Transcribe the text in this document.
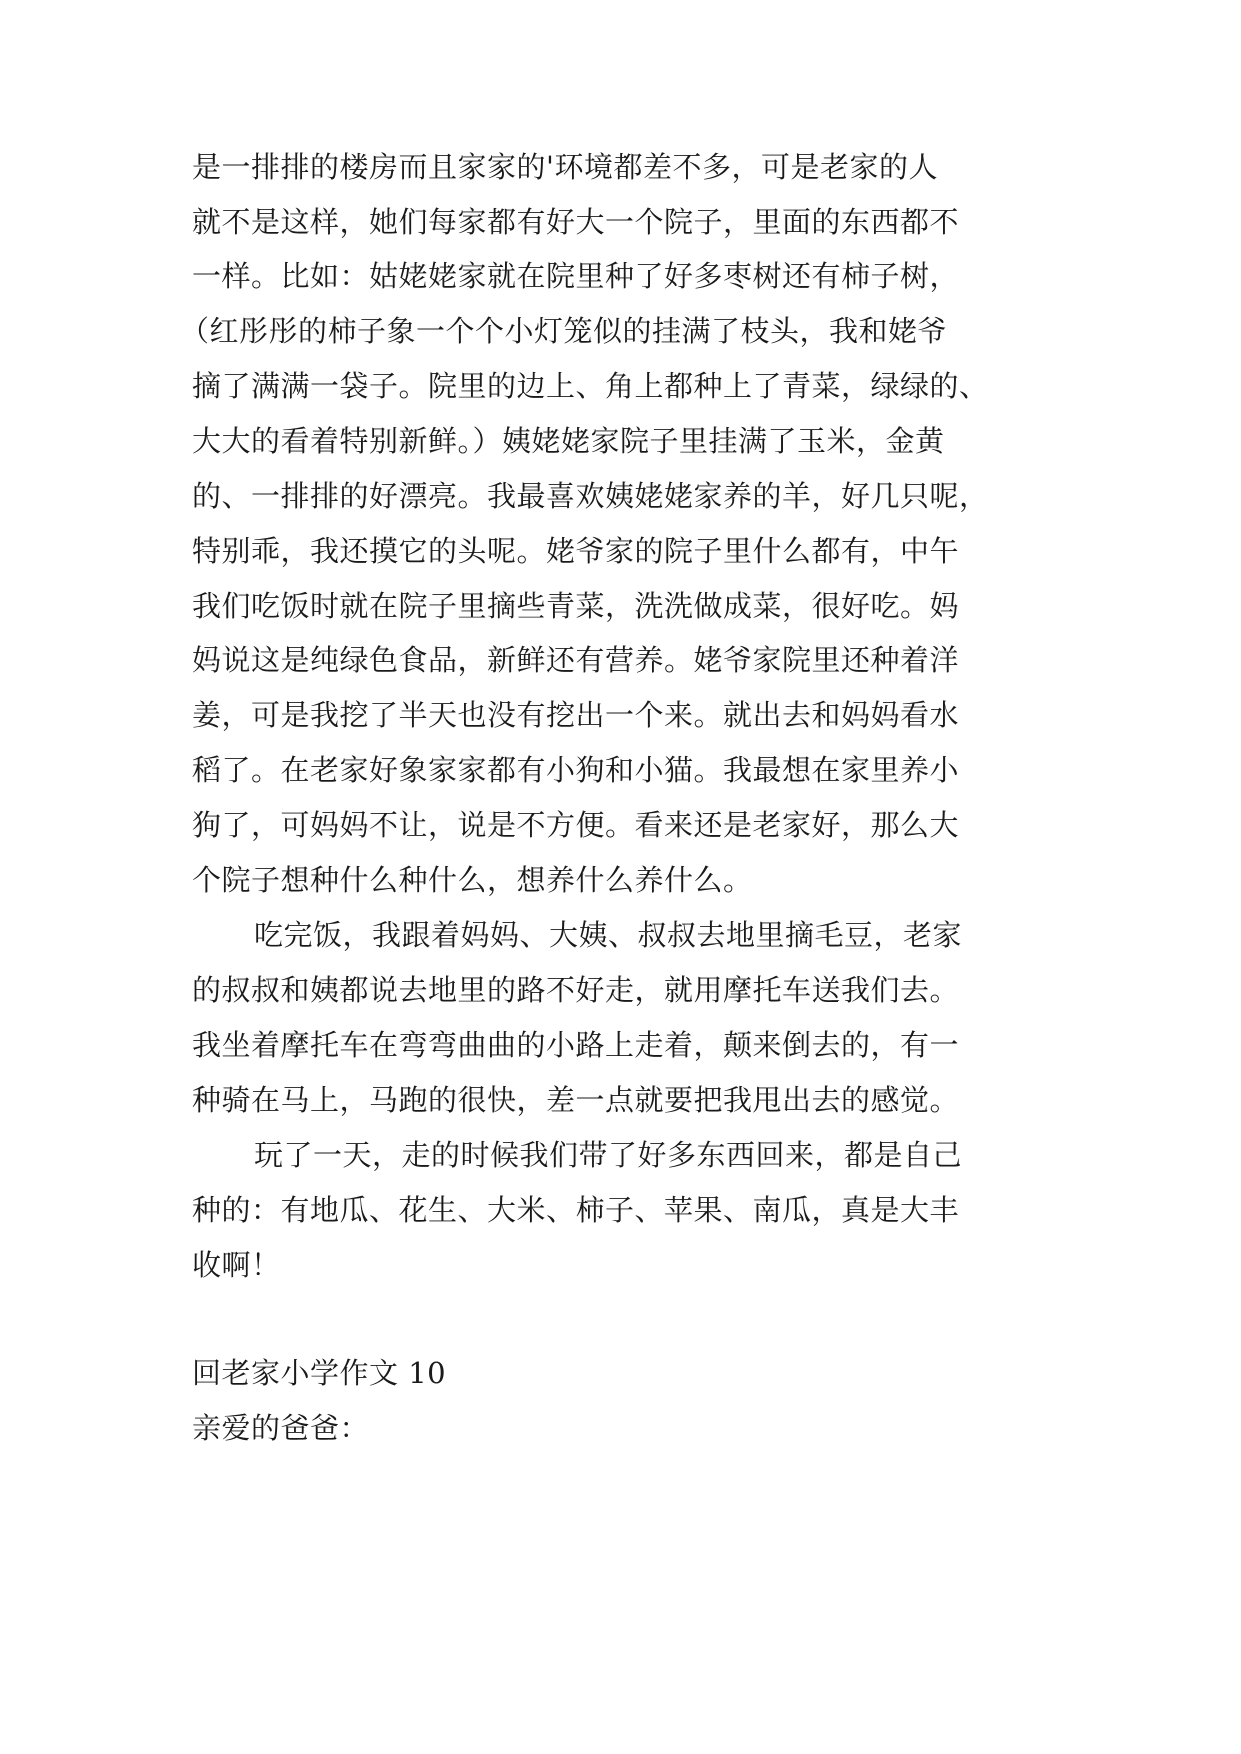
是一排排的楼房而且家家的'环境都差不多，可是老家的人
就不是这样，她们每家都有好大一个院子，里面的东西都不
一样。比如：姑姥姥家就在院里种了好多枣树还有柿子树，
（红彤彤的柿子象一个个小灯笼似的挂满了枝头，我和姥爷
摘了满满一袋子。院里的边上、角上都种上了青菜，绿绿的、
大大的看着特别新鲜。）姨姥姥家院子里挂满了玉米，金黄
的、一排排的好漂亮。我最喜欢姨姥姥家养的羊，好几只呢，
特别乖，我还摸它的头呢。姥爷家的院子里什么都有，中午
我们吃饭时就在院子里摘些青菜，洗洗做成菜，很好吃。妈
妈说这是纯绿色食品，新鲜还有营养。姥爷家院里还种着洋
姜，可是我挖了半天也没有挖出一个来。就出去和妈妈看水
稻了。在老家好象家家都有小狗和小猫。我最想在家里养小
狗了，可妈妈不让，说是不方便。看来还是老家好，那么大
个院子想种什么种什么，想养什么养什么。
吃完饭，我跟着妈妈、大姨、叔叔去地里摘毛豆，老家
的叔叔和姨都说去地里的路不好走，就用摩托车送我们去。
我坐着摩托车在弯弯曲曲的小路上走着，颠来倒去的，有一
种骑在马上，马跑的很快，差一点就要把我甩出去的感觉。
玩了一天，走的时候我们带了好多东西回来，都是自己
种的：有地瓜、花生、大米、柿子、苹果、南瓜，真是大丰
收啊！
回老家小学作文 10
亲爱的爸爸：
